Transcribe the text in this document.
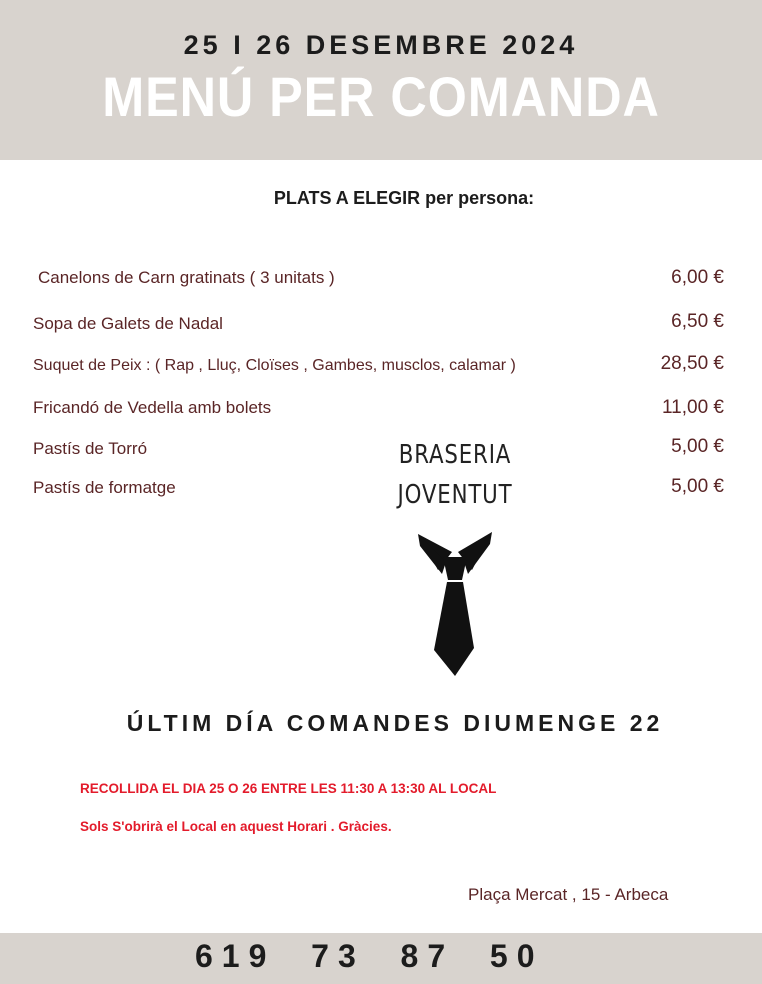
25 I 26 DESEMBRE 2024
MENÚ PER COMANDA
PLATS A ELEGIR per persona:
Canelons de Carn gratinats ( 3 unitats )	6,00 €
Sopa de Galets de Nadal	6,50 €
Suquet de Peix : ( Rap , Lluç, Cloïses , Gambes, musclos, calamar )	28,50 €
Fricandó de Vedella amb bolets	11,00 €
Pastís de Torró	5,00 €
Pastís de formatge	5,00 €
BRASERIA
JOVENTUT
ÚLTIM DÍA COMANDES DIUMENGE 22
RECOLLIDA EL DIA 25 O 26 ENTRE LES 11:30 A 13:30 AL LOCAL
Sols S'obrirà el Local en aquest Horari . Gràcies.
Plaça Mercat , 15 - Arbeca
619  73  87  50
